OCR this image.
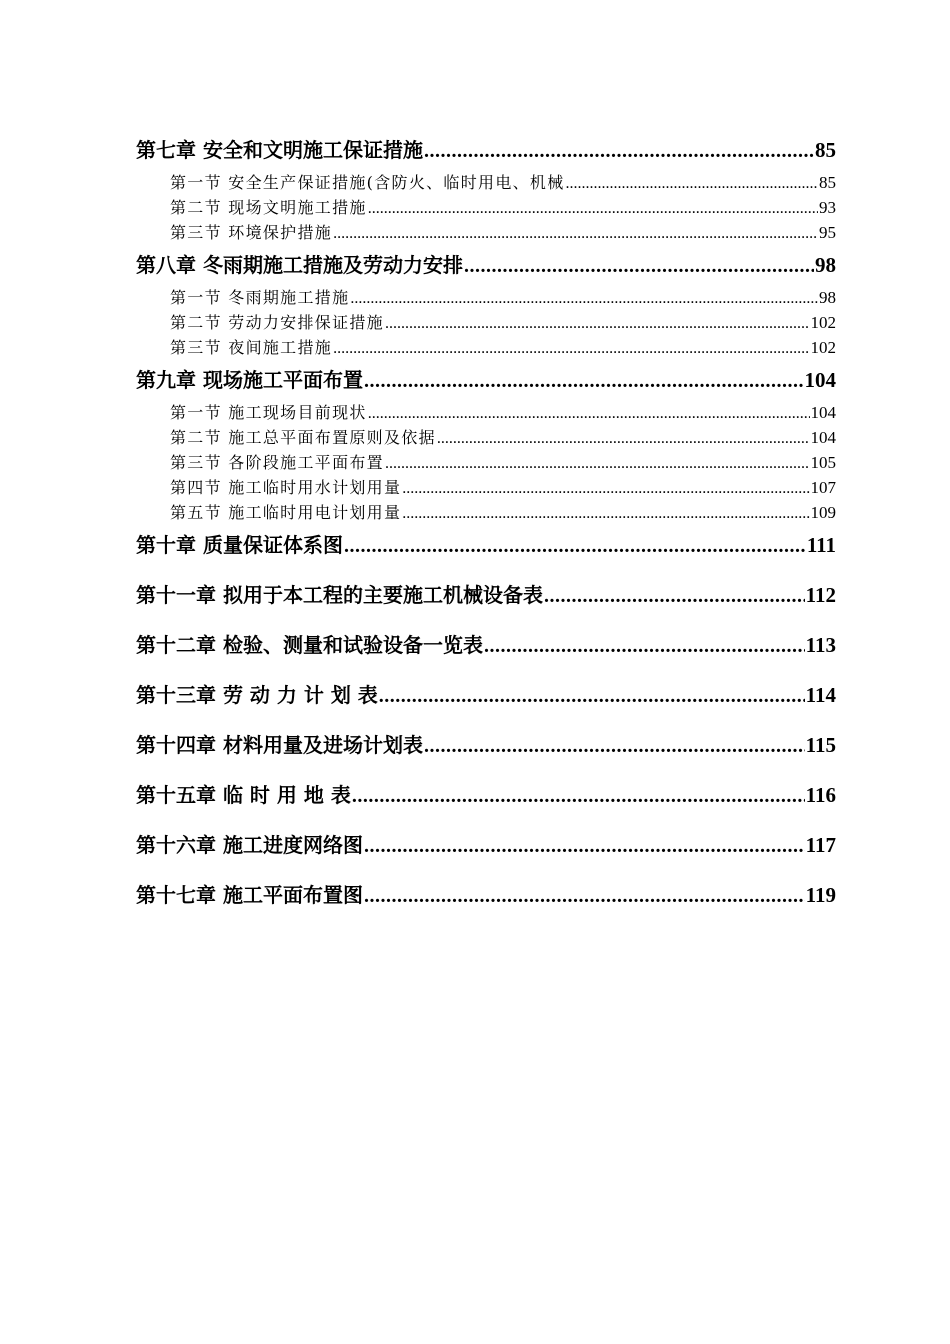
第七章 安全和文明施工保证措施 .....	85
第一节 安全生产保证措施(含防火、临时用电、机械 .....	85
第二节 现场文明施工措施 .....	93
第三节 环境保护措施 .....	95
第八章 冬雨期施工措施及劳动力安排 .....	98
第一节 冬雨期施工措施 .....	98
第二节 劳动力安排保证措施 .....	102
第三节 夜间施工措施 .....	102
第九章 现场施工平面布置 .....	104
第一节 施工现场目前现状 .....	104
第二节 施工总平面布置原则及依据 .....	104
第三节 各阶段施工平面布置 .....	105
第四节 施工临时用水计划用量 .....	107
第五节 施工临时用电计划用量 .....	109
第十章 质量保证体系图 .....	111
第十一章 拟用于本工程的主要施工机械设备表 .....	112
第十二章 检验、测量和试验设备一览表 .....	113
第十三章 劳 动 力 计 划 表 .....	114
第十四章 材料用量及进场计划表 .....	115
第十五章 临 时 用 地 表 .....	116
第十六章 施工进度网络图 .....	117
第十七章 施工平面布置图 .....	119
